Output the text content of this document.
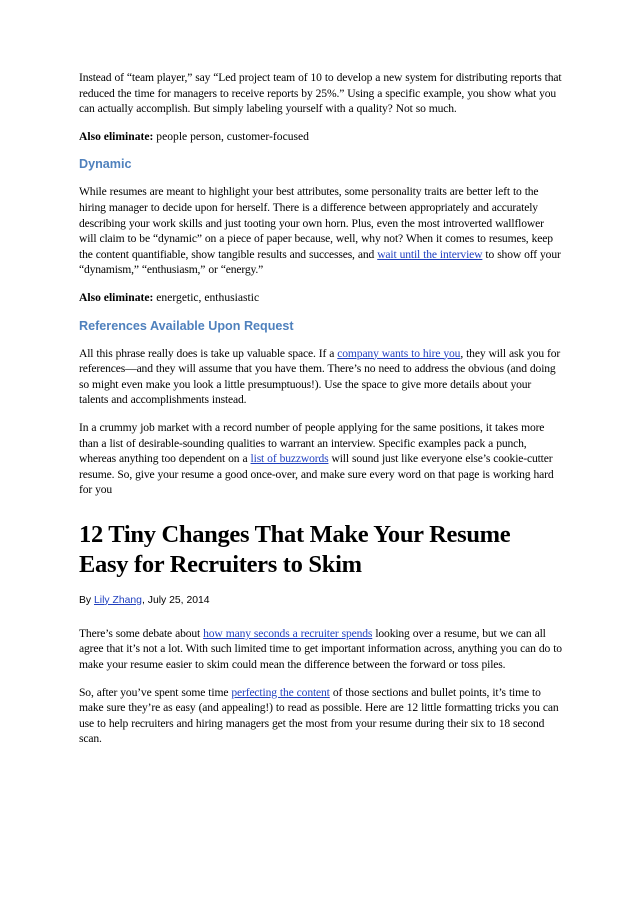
Instead of “team player,” say “Led project team of 10 to develop a new system for distributing reports that reduced the time for managers to receive reports by 25%.” Using a specific example, you show what you can actually accomplish. But simply labeling yourself with a quality? Not so much.

Also eliminate: people person, customer-focused

Dynamic

While resumes are meant to highlight your best attributes, some personality traits are better left to the hiring manager to decide upon for herself. There is a difference between appropriately and accurately describing your work skills and just tooting your own horn. Plus, even the most introverted wallflower will claim to be “dynamic” on a piece of paper because, well, why not? When it comes to resumes, keep the content quantifiable, show tangible results and successes, and wait until the interview to show off your “dynamism,” “enthusiasm,” or “energy.”

Also eliminate: energetic, enthusiastic

References Available Upon Request

All this phrase really does is take up valuable space. If a company wants to hire you, they will ask you for references—and they will assume that you have them. There’s no need to address the obvious (and doing so might even make you look a little presumptuous!). Use the space to give more details about your talents and accomplishments instead.

In a crummy job market with a record number of people applying for the same positions, it takes more than a list of desirable-sounding qualities to warrant an interview. Specific examples pack a punch, whereas anything too dependent on a list of buzzwords will sound just like everyone else’s cookie-cutter resume. So, give your resume a good once-over, and make sure every word on that page is working hard for you

12 Tiny Changes That Make Your Resume
Easy for Recruiters to Skim

By Lily Zhang, July 25, 2014

There’s some debate about how many seconds a recruiter spends looking over a resume, but we can all agree that it’s not a lot. With such limited time to get important information across, anything you can do to make your resume easier to skim could mean the difference between the forward or toss piles.

So, after you’ve spent some time perfecting the content of those sections and bullet points, it’s time to make sure they’re as easy (and appealing!) to read as possible. Here are 12 little formatting tricks you can use to help recruiters and hiring managers get the most from your resume during their six to 18 second scan.
